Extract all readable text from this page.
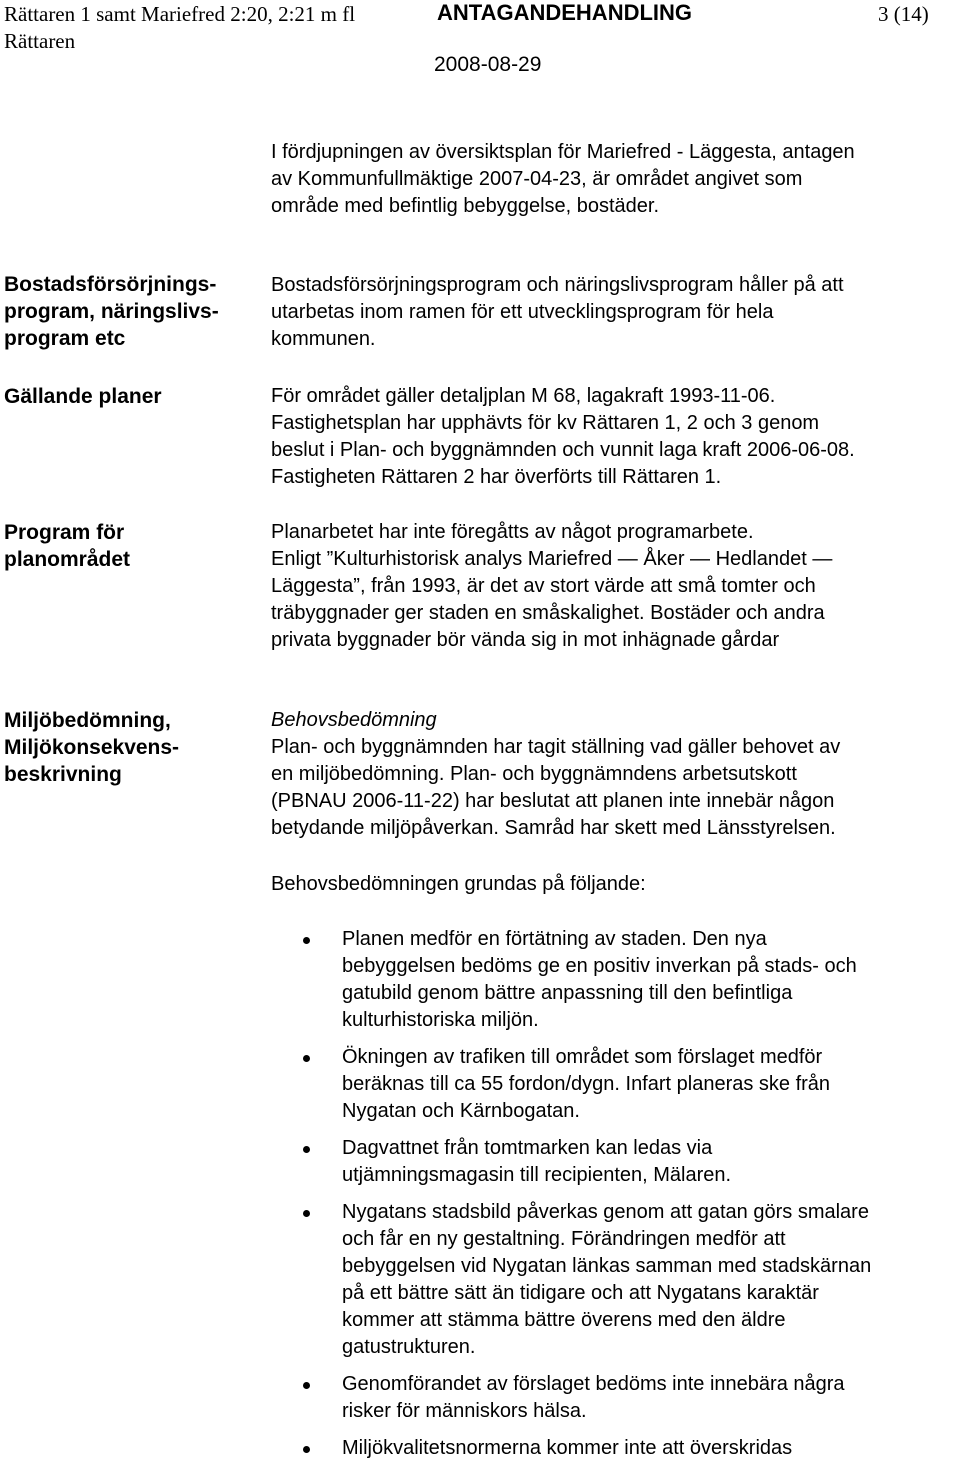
Rättaren 1 samt Mariefred 2:20, 2:21 m fl
Rättaren
ANTAGANDEHANDLING	3 (14)
2008-08-29

I fördjupningen av översiktsplan för Mariefred - Läggesta, antagen

av Kommunfullmäktige 2007-04-23, är området angivet som

område med befintlig bebyggelse, bostäder.

Bostadsförsörjnings-
program, näringslivs-
program etc

Bostadsförsörjningsprogram och näringslivsprogram håller på att

utarbetas inom ramen för ett utvecklingsprogram för hela

kommunen.

Gällande planer	För området gäller detaljplan M 68, lagakraft 1993-11-06.

Fastighetsplan har upphävts för kv Rättaren 1, 2 och 3 genom

beslut i Plan- och byggnämnden och vunnit laga kraft 2006-06-08.

Fastigheten Rättaren 2 har överförts till Rättaren 1.

Program för
planområdet

Planarbetet har inte föregåtts av något programarbete.

Enligt ”Kulturhistorisk analys Mariefred — Åker — Hedlandet —

Läggesta”, från 1993, är det av stort värde att små tomter och

träbyggnader ger staden en småskalighet. Bostäder och andra

privata byggnader bör vända sig in mot inhägnade gårdar

Miljöbedömning,
Miljökonsekvens-
beskrivning

Behovsbedömning

Plan- och byggnämnden har tagit ställning vad gäller behovet av

en miljöbedömning. Plan- och byggnämndens arbetsutskott

(PBNAU 2006-11-22) har beslutat att planen inte innebär någon

betydande miljöpåverkan. Samråd har skett med Länsstyrelsen.

Behovsbedömningen grundas på följande:

Planen medför en förtätning av staden. Den nya
bebyggelsen bedöms ge en positiv inverkan på stads- och
gatubild genom bättre anpassning till den befintliga
kulturhistoriska miljön.
Ökningen av trafiken till området som förslaget medför
beräknas till ca 55 fordon/dygn. Infart planeras ske från
Nygatan och Kärnbogatan.
Dagvattnet från tomtmarken kan ledas via
utjämningsmagasin till recipienten, Mälaren.
Nygatans stadsbild påverkas genom att gatan görs smalare
och får en ny gestaltning. Förändringen medför att
bebyggelsen vid Nygatan länkas samman med stadskärnan
på ett bättre sätt än tidigare och att Nygatans karaktär
kommer att stämma bättre överens med den äldre
gatustrukturen.
Genomförandet av förslaget bedöms inte innebära några
risker för människors hälsa.
Miljökvalitetsnormerna kommer inte att överskridas
